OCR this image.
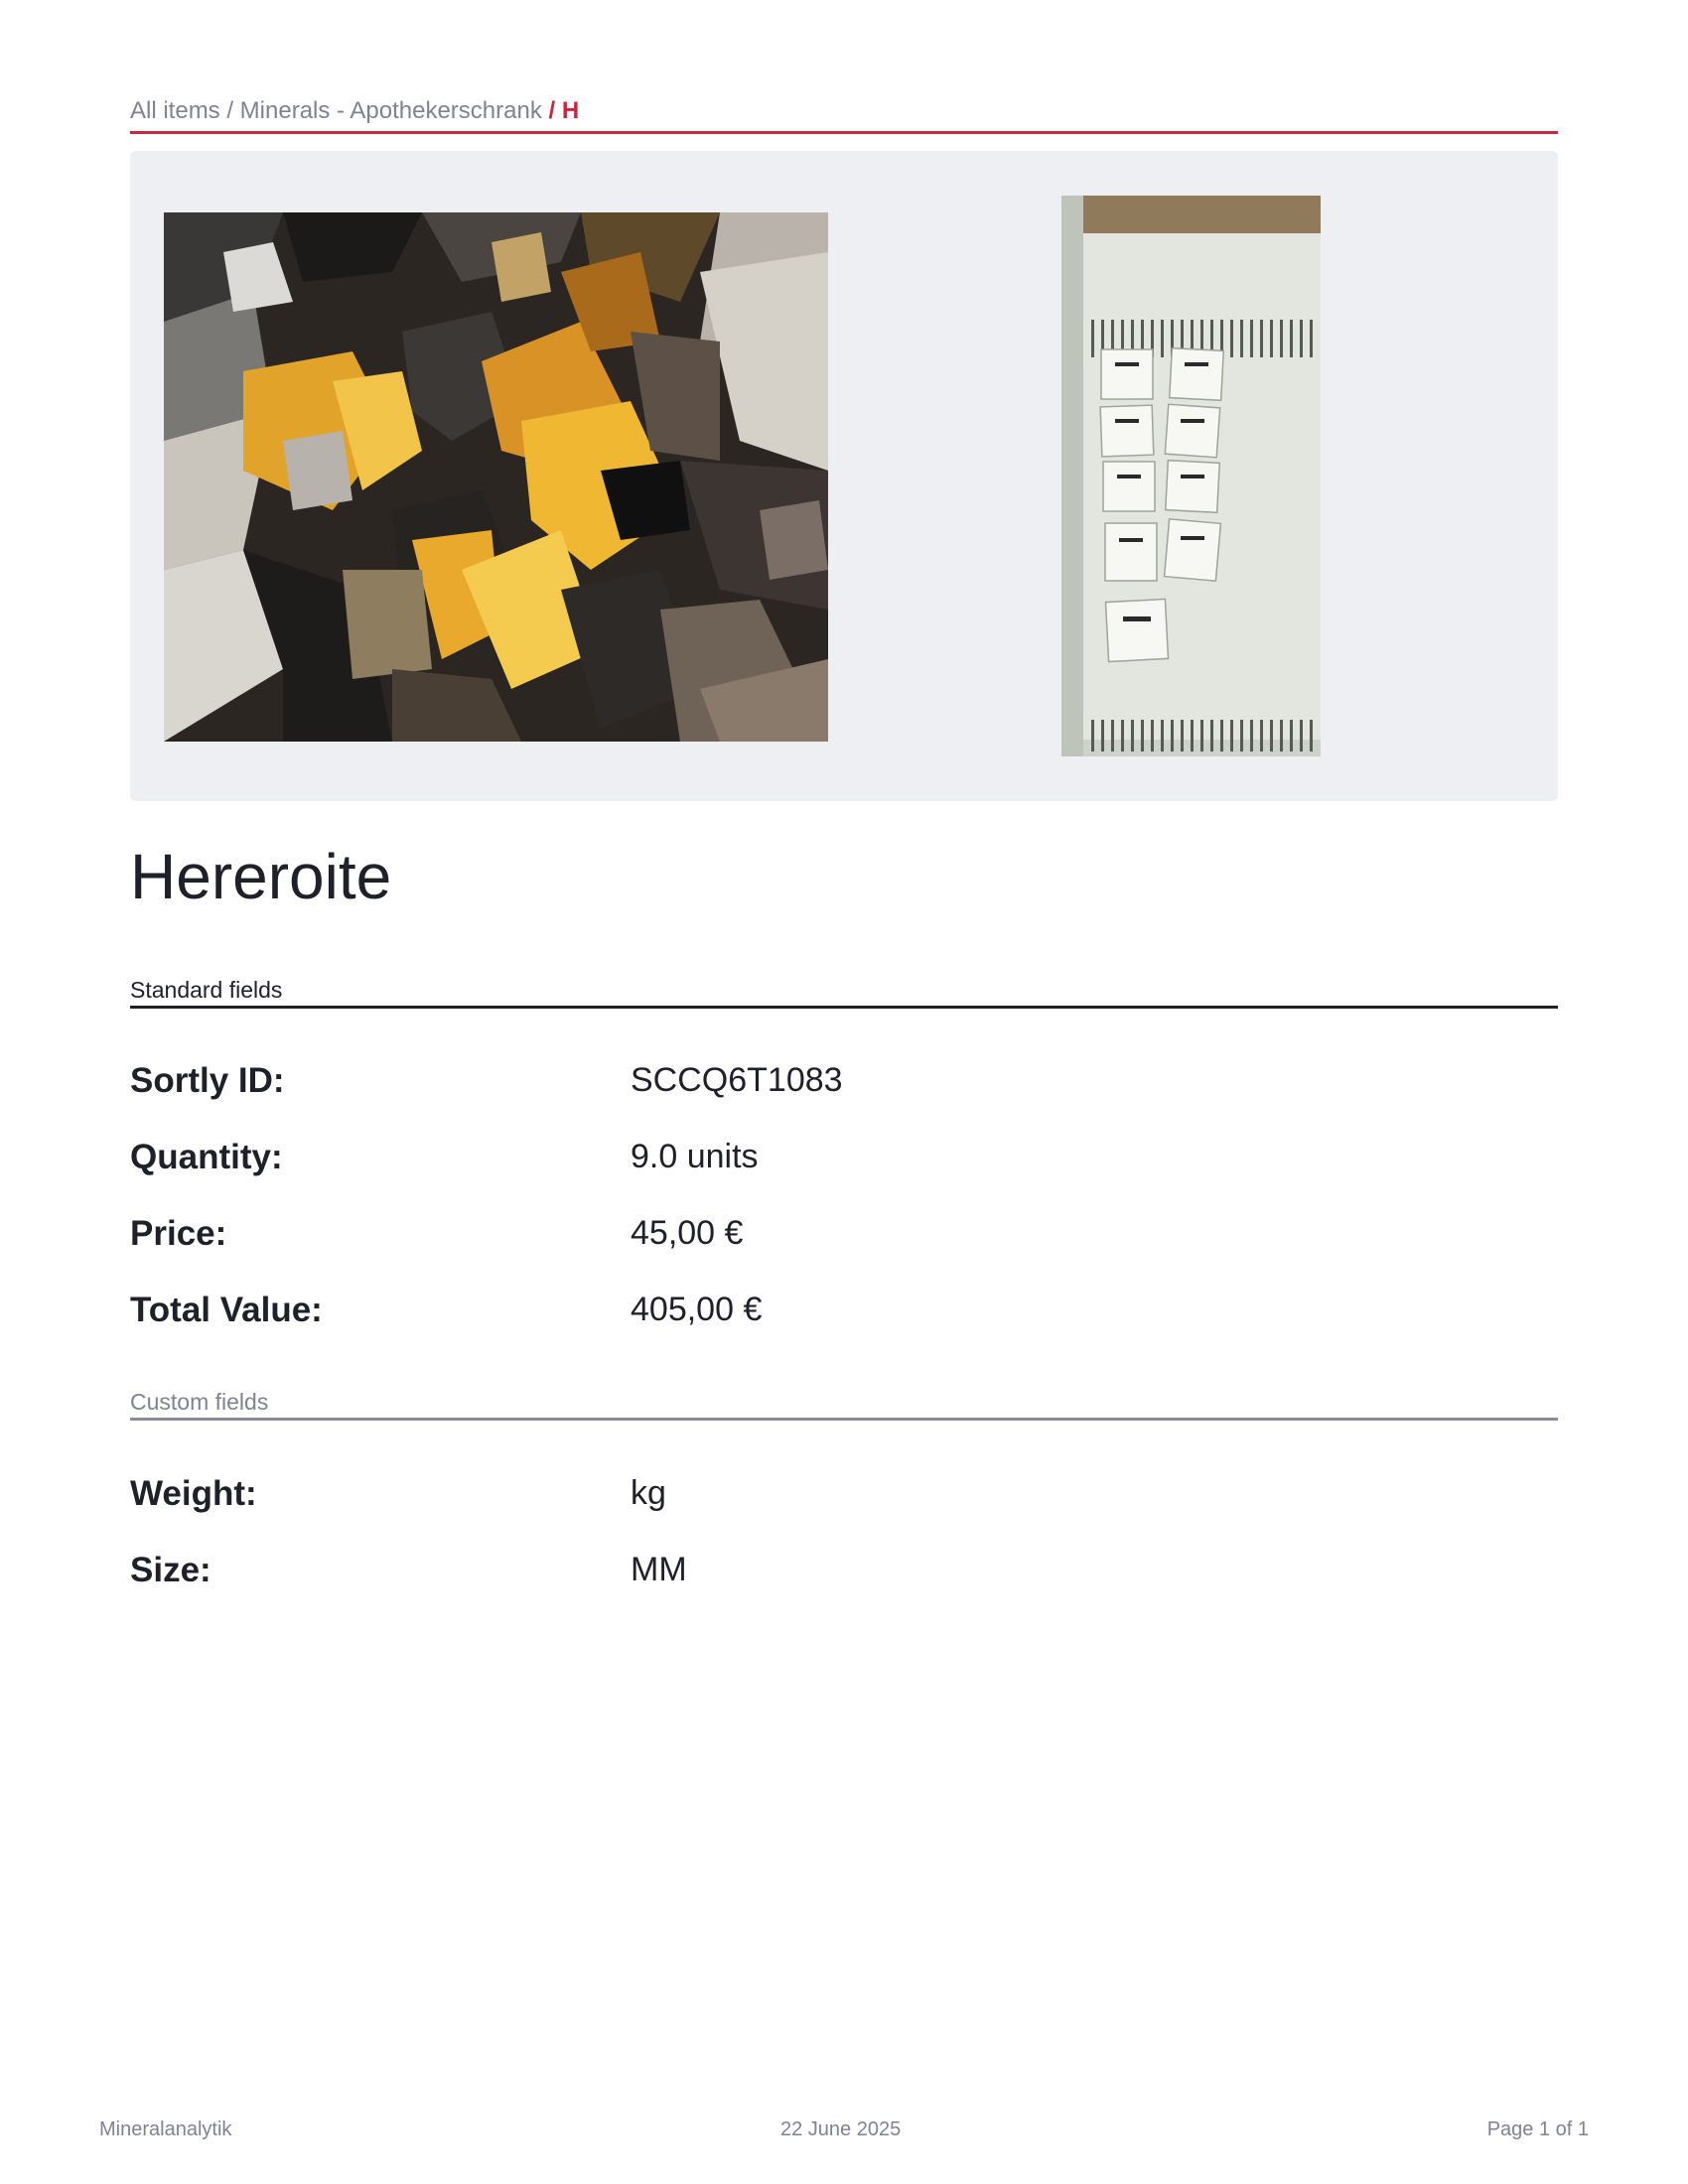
All items / Minerals - Apothekerschrank / H
Hereroite
Standard fields
Sortly ID:	SCCQ6T1083
Quantity:	9.0 units
Price:	45,00 €
Total Value:	405,00 €
Custom fields
Weight:	kg
Size:	MM
Mineralanalytik	22 June 2025	Page 1 of 1
